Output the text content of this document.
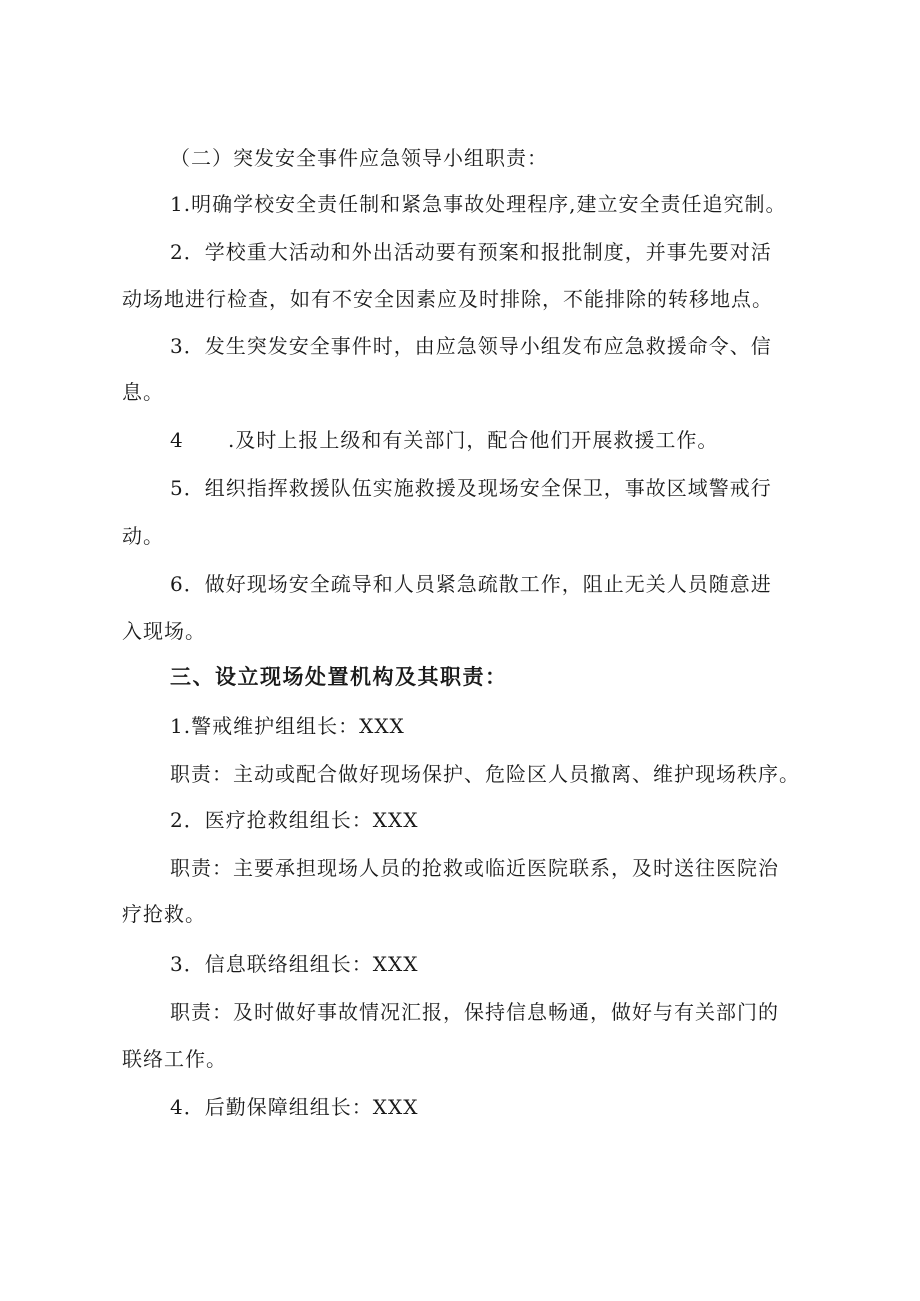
（二）突发安全事件应急领导小组职责：
1.明确学校安全责任制和紧急事故处理程序,建立安全责任追究制。
2．学校重大活动和外出活动要有预案和报批制度，并事先要对活
动场地进行检查，如有不安全因素应及时排除，不能排除的转移地点。
3．发生突发安全事件时，由应急领导小组发布应急救援命令、信
息。
4 .及时上报上级和有关部门，配合他们开展救援工作。
5．组织指挥救援队伍实施救援及现场安全保卫，事故区域警戒行
动。
6．做好现场安全疏导和人员紧急疏散工作，阻止无关人员随意进
入现场。
三、设立现场处置机构及其职责：
1.警戒维护组组长：XXX
职责：主动或配合做好现场保护、危险区人员撤离、维护现场秩序。
2．医疗抢救组组长：XXX
职责：主要承担现场人员的抢救或临近医院联系，及时送往医院治
疗抢救。
3．信息联络组组长：XXX
职责：及时做好事故情况汇报，保持信息畅通，做好与有关部门的
联络工作。
4．后勤保障组组长：XXX
